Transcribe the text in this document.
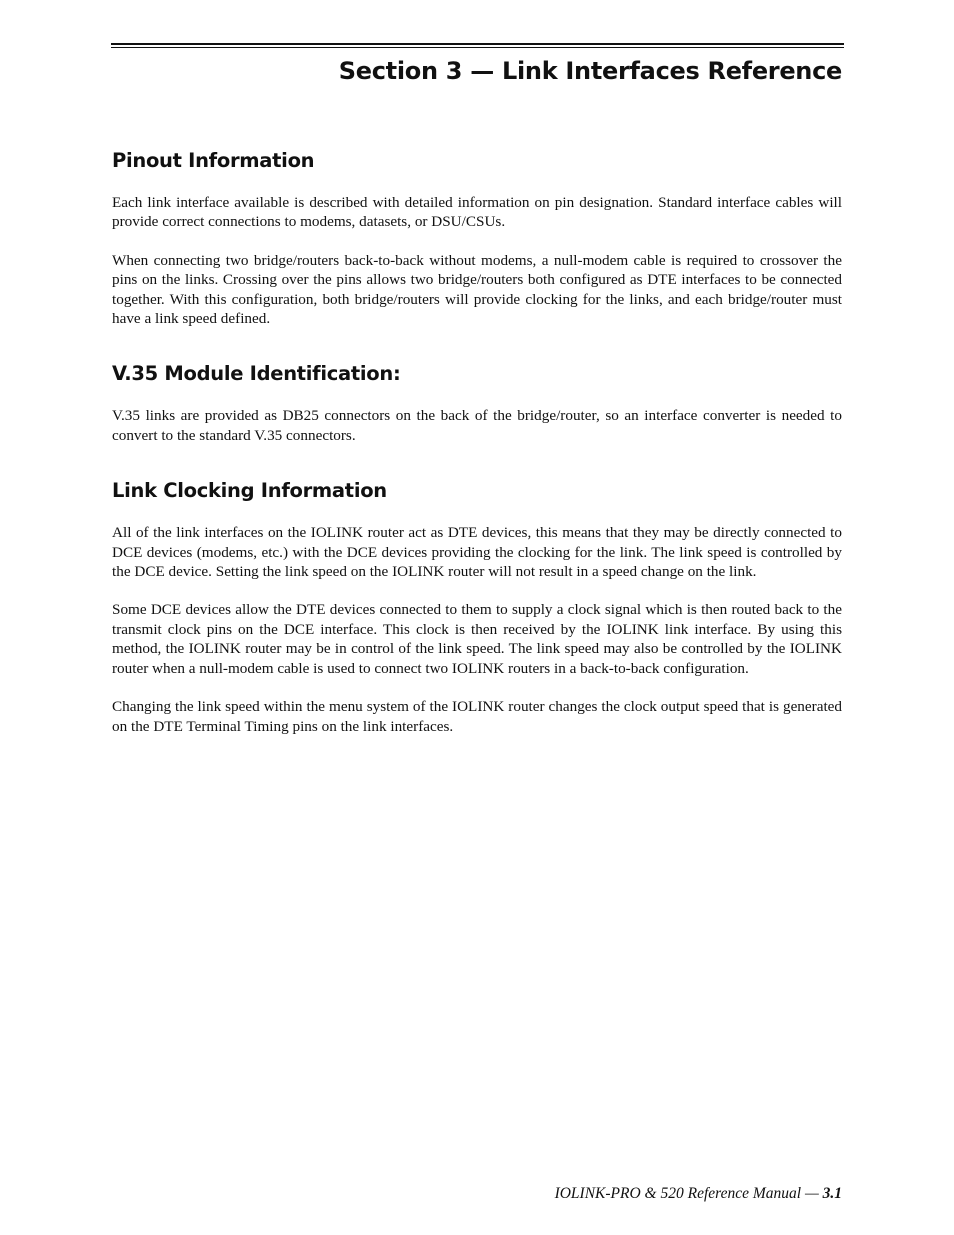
Section 3 — Link Interfaces Reference
Pinout Information

Each link interface available is described with detailed information on pin designation. Standard interface cables will provide correct connections to modems, datasets, or DSU/CSUs.

When connecting two bridge/routers back-to-back without modems, a null-modem cable is required to crossover the pins on the links. Crossing over the pins allows two bridge/routers both configured as DTE interfaces to be connected together. With this configuration, both bridge/routers will provide clocking for the links, and each bridge/router must have a link speed defined.

V.35 Module Identification:

V.35 links are provided as DB25 connectors on the back of the bridge/router, so an interface converter is needed to convert to the standard V.35 connectors.

Link Clocking Information

All of the link interfaces on the IOLINK router act as DTE devices, this means that they may be directly connected to DCE devices (modems, etc.) with the DCE devices providing the clocking for the link. The link speed is controlled by the DCE device. Setting the link speed on the IOLINK router will not result in a speed change on the link.

Some DCE devices allow the DTE devices connected to them to supply a clock signal which is then routed back to the transmit clock pins on the DCE interface. This clock is then received by the IOLINK link interface. By using this method, the IOLINK router may be in control of the link speed. The link speed may also be controlled by the IOLINK router when a null-modem cable is used to connect two IOLINK routers in a back-to-back configuration.

Changing the link speed within the menu system of the IOLINK router changes the clock output speed that is generated on the DTE Terminal Timing pins on the link interfaces.

IOLINK-PRO & 520 Reference Manual — 3.1
